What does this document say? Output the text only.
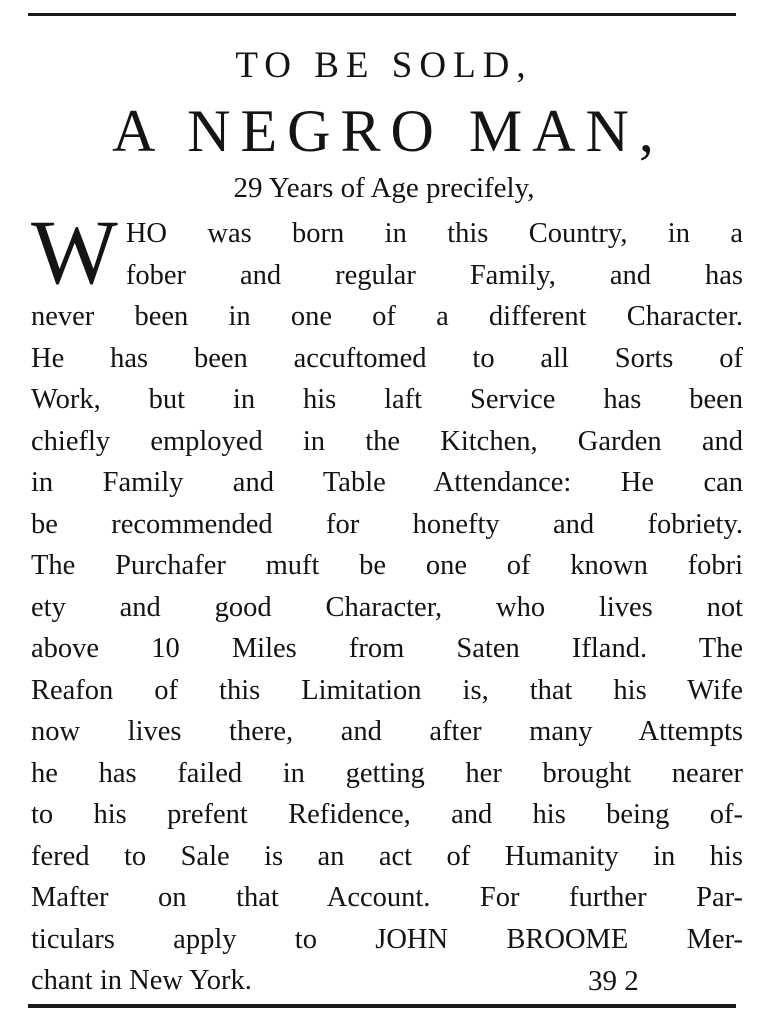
TO BE SOLD,
A NEGRO MAN,
29 Years of Age precifely,
W HO was born in this Country, in a
fober and regular Family, and has
never been in one of a different Character.
He has been accuftomed to all Sorts of
Work, but in his laft Service has been
chiefly employed in the Kitchen, Garden and
in Family and Table Attendance: He can
be recommended for honefty and fobriety.
The Purchafer muft be one of known fobri
ety and good Character, who lives not
above 10 Miles from Saten Ifland. The
Reafon of this Limitation is, that his Wife
now lives there, and after many Attempts
he has failed in getting her brought nearer
to his prefent Refidence, and his being of-
fered to Sale is an act of Humanity in his
Mafter on that Account. For further Par-
ticulars apply to JOHN BROOME Mer-
chant in New York.	39 2
